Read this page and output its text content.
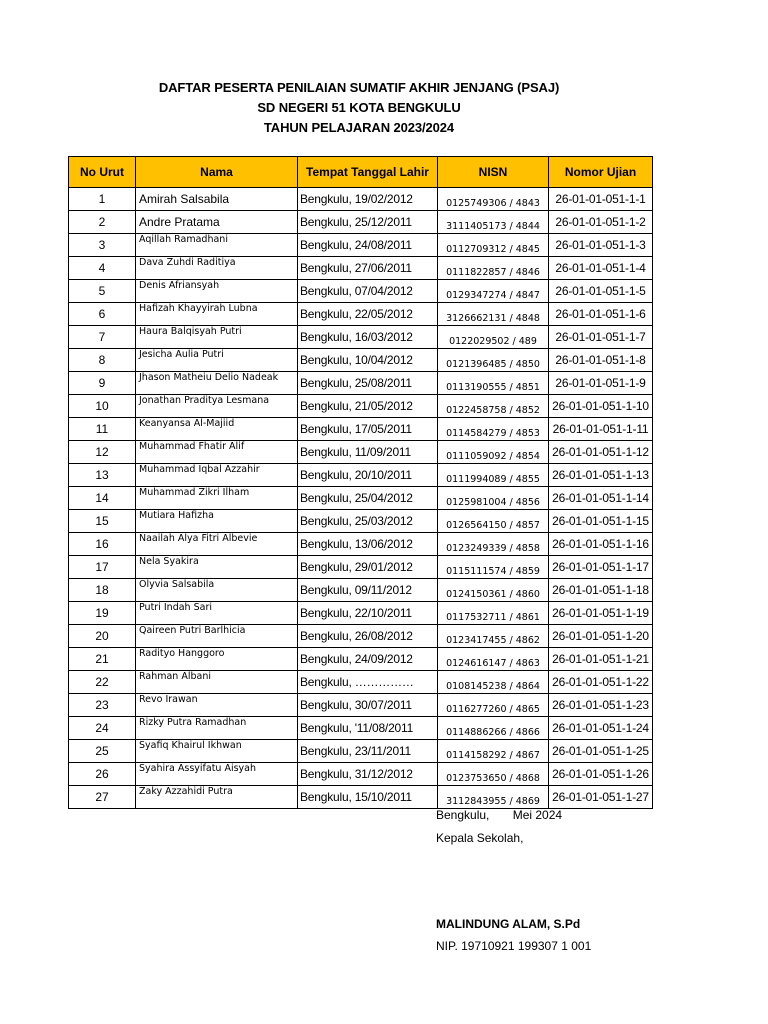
DAFTAR PESERTA PENILAIAN SUMATIF AKHIR JENJANG (PSAJ)
SD NEGERI 51 KOTA BENGKULU
TAHUN PELAJARAN 2023/2024
No Urut	Nama	Tempat Tanggal Lahir	NISN	Nomor Ujian
1	Amirah Salsabila	Bengkulu, 19/02/2012	0125749306 / 4843	26-01-01-051-1-1
2	Andre Pratama	Bengkulu, 25/12/2011	3111405173 / 4844	26-01-01-051-1-2
3	Aqillah Ramadhani	Bengkulu, 24/08/2011	0112709312 / 4845	26-01-01-051-1-3
4	Dava Zuhdi Raditiya	Bengkulu, 27/06/2011	0111822857 / 4846	26-01-01-051-1-4
5	Denis Afriansyah	Bengkulu, 07/04/2012	0129347274 / 4847	26-01-01-051-1-5
6	Hafizah Khayyirah Lubna	Bengkulu, 22/05/2012	3126662131 / 4848	26-01-01-051-1-6
7	Haura Balqisyah Putri	Bengkulu, 16/03/2012	0122029502 / 489	26-01-01-051-1-7
8	Jesicha Aulia Putri	Bengkulu, 10/04/2012	0121396485 / 4850	26-01-01-051-1-8
9	Jhason Matheiu Delio Nadeak	Bengkulu, 25/08/2011	0113190555 / 4851	26-01-01-051-1-9
10	Jonathan Praditya Lesmana	Bengkulu, 21/05/2012	0122458758 / 4852	26-01-01-051-1-10
11	Keanyansa Al-Majiid	Bengkulu, 17/05/2011	0114584279 / 4853	26-01-01-051-1-11
12	Muhammad Fhatir Alif	Bengkulu, 11/09/2011	0111059092 / 4854	26-01-01-051-1-12
13	Muhammad Iqbal Azzahir	Bengkulu, 20/10/2011	0111994089 / 4855	26-01-01-051-1-13
14	Muhammad Zikri Ilham	Bengkulu, 25/04/2012	0125981004 / 4856	26-01-01-051-1-14
15	Mutiara Hafizha	Bengkulu, 25/03/2012	0126564150 / 4857	26-01-01-051-1-15
16	Naailah Alya Fitri Albevie	Bengkulu, 13/06/2012	0123249339 / 4858	26-01-01-051-1-16
17	Nela Syakira	Bengkulu, 29/01/2012	0115111574 / 4859	26-01-01-051-1-17
18	Olyvia Salsabila	Bengkulu, 09/11/2012	0124150361 / 4860	26-01-01-051-1-18
19	Putri Indah Sari	Bengkulu, 22/10/2011	0117532711 / 4861	26-01-01-051-1-19
20	Qaireen Putri Barlhicia	Bengkulu, 26/08/2012	0123417455 / 4862	26-01-01-051-1-20
21	Radityo Hanggoro	Bengkulu, 24/09/2012	0124616147 / 4863	26-01-01-051-1-21
22	Rahman Albani	Bengkulu, ……………	0108145238 / 4864	26-01-01-051-1-22
23	Revo Irawan	Bengkulu, 30/07/2011	0116277260 / 4865	26-01-01-051-1-23
24	Rizky Putra Ramadhan	Bengkulu, '11/08/2011	0114886266 / 4866	26-01-01-051-1-24
25	Syafiq Khairul Ikhwan	Bengkulu, 23/11/2011	0114158292 / 4867	26-01-01-051-1-25
26	Syahira Assyifatu Aisyah	Bengkulu, 31/12/2012	0123753650 / 4868	26-01-01-051-1-26
27	Zaky Azzahidi Putra	Bengkulu, 15/10/2011	3112843955 / 4869	26-01-01-051-1-27
Bengkulu,       Mei 2024
Kepala Sekolah,
MALINDUNG ALAM, S.Pd
NIP. 19710921 199307 1 001
